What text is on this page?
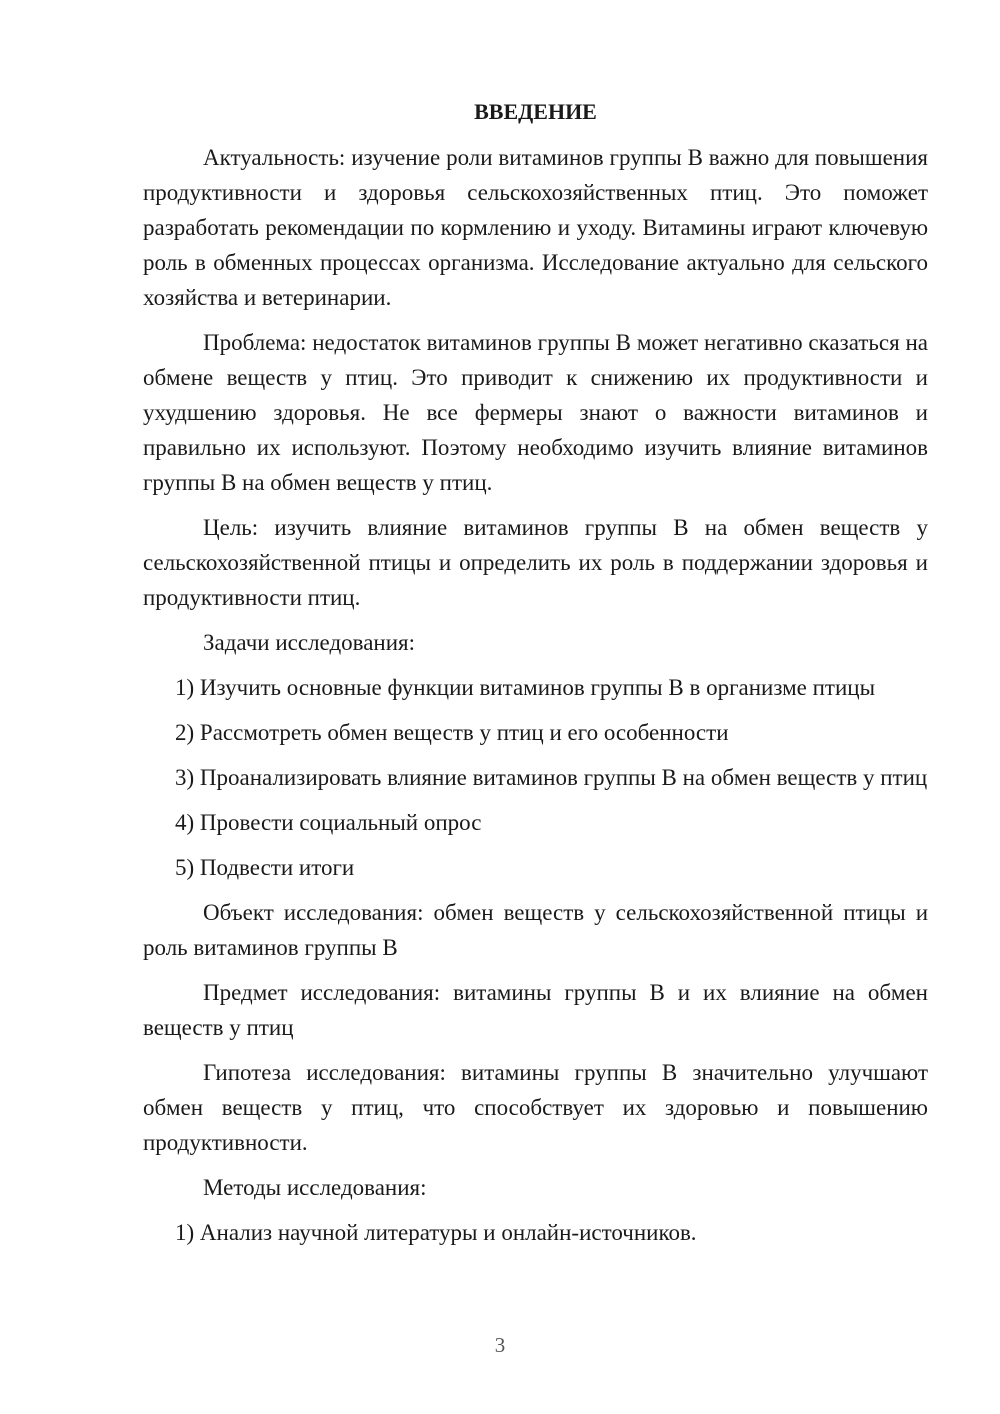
ВВЕДЕНИЕ

Актуальность: изучение роли витаминов группы В важно для повышения продуктивности и здоровья сельскохозяйственных птиц. Это поможет разработать рекомендации по кормлению и уходу. Витамины играют ключевую роль в обменных процессах организма. Исследование актуально для сельского хозяйства и ветеринарии.

Проблема: недостаток витаминов группы В может негативно сказаться на обмене веществ у птиц. Это приводит к снижению их продуктивности и ухудшению здоровья. Не все фермеры знают о важности витаминов и правильно их используют. Поэтому необходимо изучить влияние витаминов группы В на обмен веществ у птиц.

Цель: изучить влияние витаминов группы В на обмен веществ у сельскохозяйственной птицы и определить их роль в поддержании здоровья и продуктивности птиц.

Задачи исследования:

1) Изучить основные функции витаминов группы В в организме птицы

2) Рассмотреть обмен веществ у птиц и его особенности

3) Проанализировать влияние витаминов группы В на обмен веществ у птиц

4) Провести социальный опрос

5) Подвести итоги

Объект исследования: обмен веществ у сельскохозяйственной птицы и роль витаминов группы В

Предмет исследования: витамины группы В и их влияние на обмен веществ у птиц

Гипотеза исследования: витамины группы В значительно улучшают обмен веществ у птиц, что способствует их здоровью и повышению продуктивности.

Методы исследования:

1) Анализ научной литературы и онлайн-источников.

3
